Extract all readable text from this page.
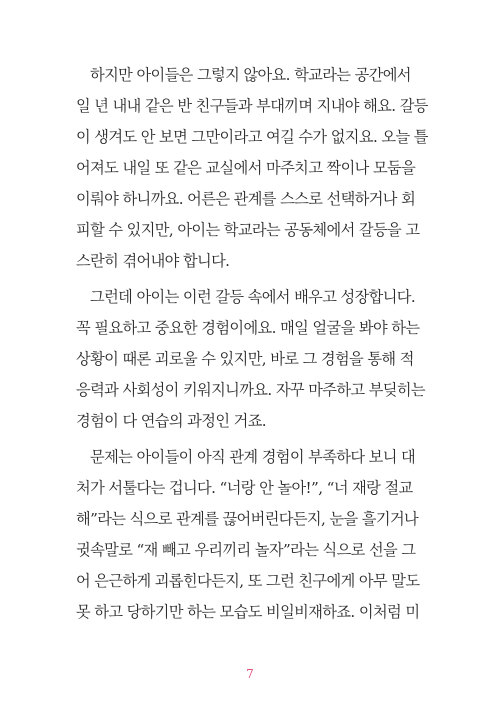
하지만 아이들은 그렇지 않아요. 학교라는 공간에서
일 년 내내 같은 반 친구들과 부대끼며 지내야 해요. 갈등
이 생겨도 안 보면 그만이라고 여길 수가 없지요. 오늘 틀
어져도 내일 또 같은 교실에서 마주치고 짝이나 모둠을
이뤄야 하니까요. 어른은 관계를 스스로 선택하거나 회
피할 수 있지만, 아이는 학교라는 공동체에서 갈등을 고
스란히 겪어내야 합니다.
그런데 아이는 이런 갈등 속에서 배우고 성장합니다.
꼭 필요하고 중요한 경험이에요. 매일 얼굴을 봐야 하는
상황이 때론 괴로울 수 있지만, 바로 그 경험을 통해 적
응력과 사회성이 키워지니까요. 자꾸 마주하고 부딪히는
경험이 다 연습의 과정인 거죠.
문제는 아이들이 아직 관계 경험이 부족하다 보니 대
처가 서툴다는 겁니다. “너랑 안 놀아!”, “너 재랑 절교
해”라는 식으로 관계를 끊어버린다든지, 눈을 흘기거나
귓속말로 “재 빼고 우리끼리 놀자”라는 식으로 선을 그
어 은근하게 괴롭힌다든지, 또 그런 친구에게 아무 말도
못 하고 당하기만 하는 모습도 비일비재하죠. 이처럼 미
7
